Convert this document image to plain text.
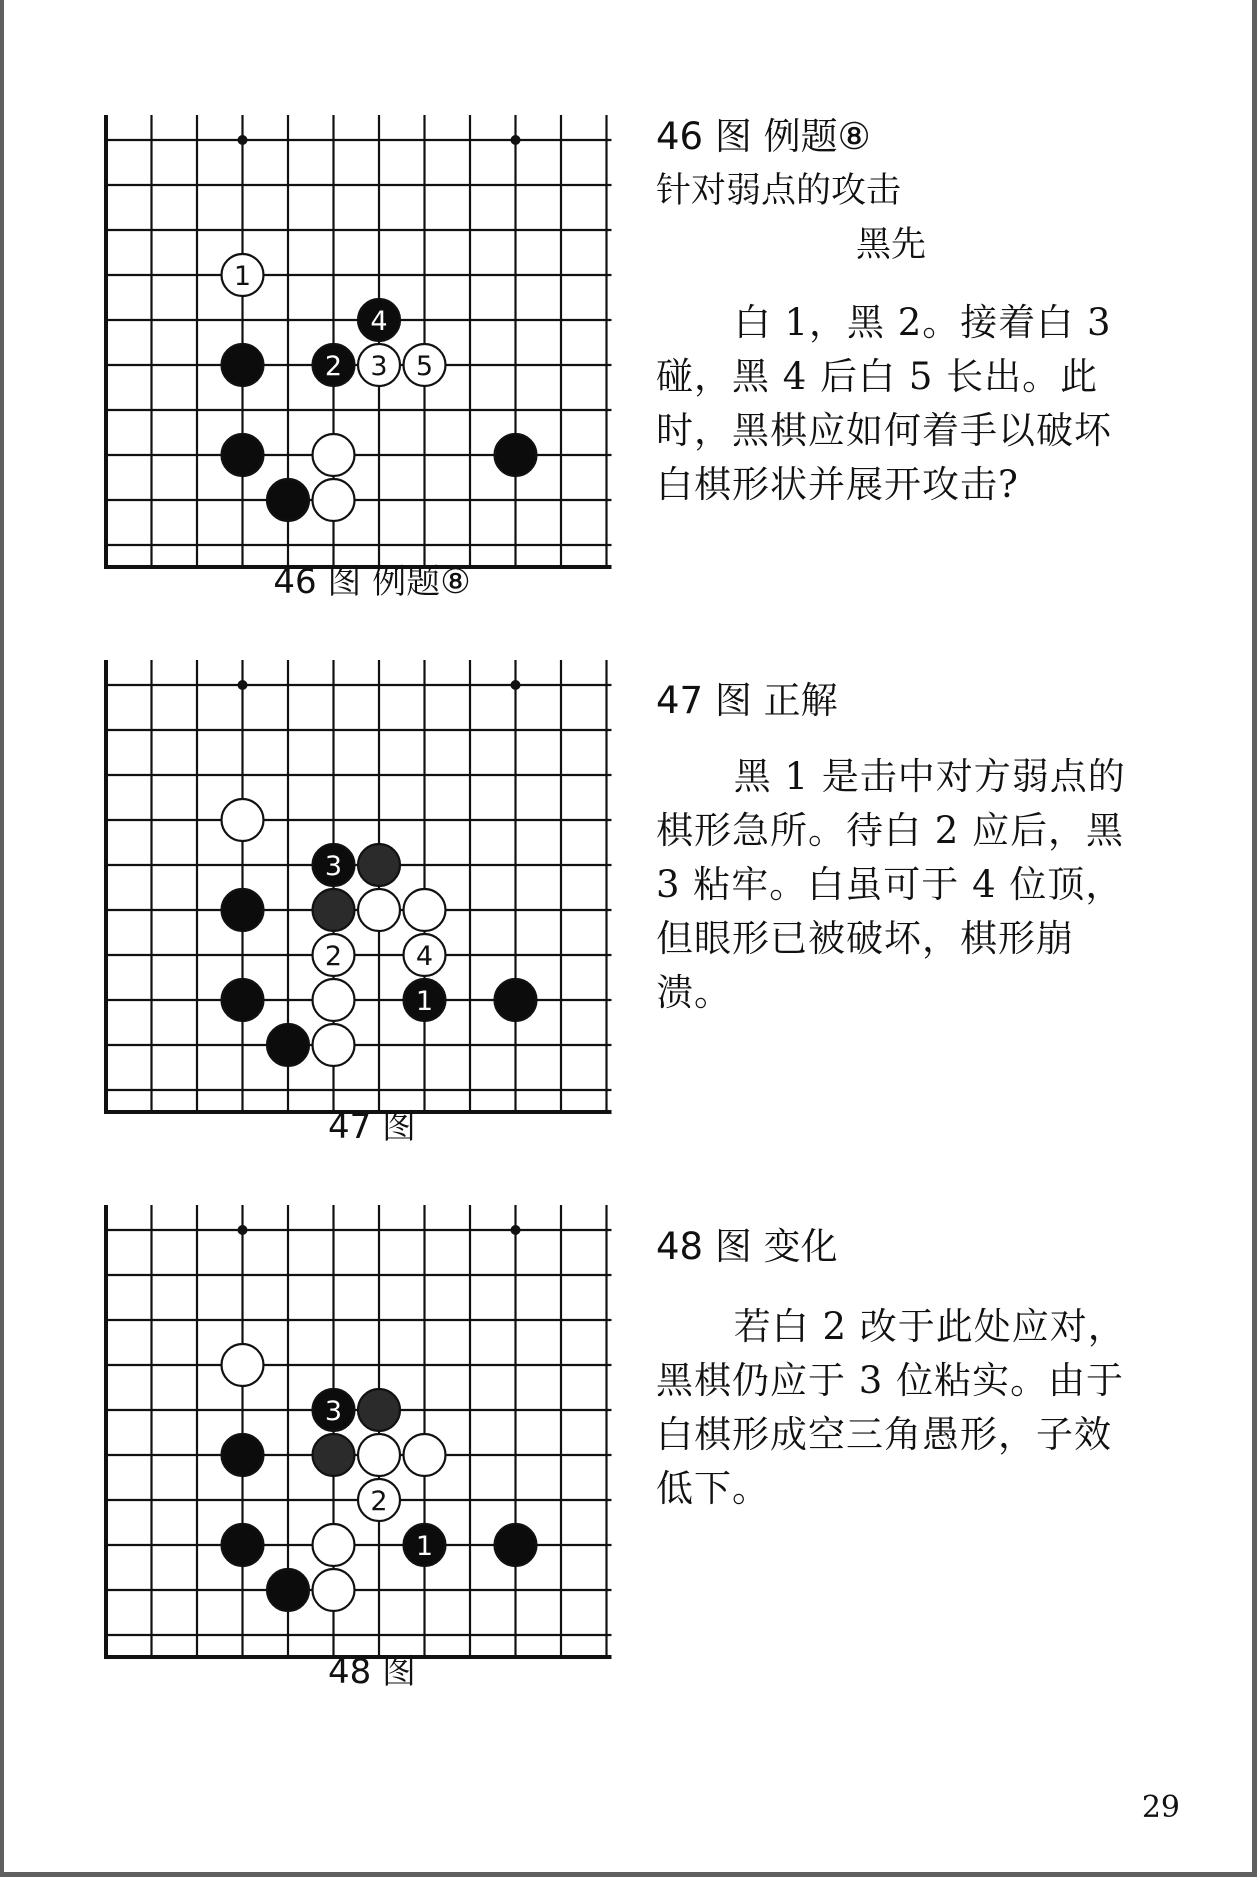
1
2 3 5
4
46 图 例题⑧
46 图 例题⑧
针对弱点的攻击
黑先

白 1，黑 2。接着白 3 碰，黑 4 后白 5 长出。此时，黑棋应如何着手以破坏白棋形状并展开攻击?

3
2	4
1
47 图
47 图 正解

黑 1 是击中对方弱点的棋形急所。待白 2 应后，黑 3 粘牢。白虽可于 4 位顶，但眼形已被破坏，棋形崩溃。

3
2
1
48 图
48 图 变化

若白 2 改于此处应对，黑棋仍应于 3 位粘实。由于白棋形成空三角愚形，子效低下。

29
